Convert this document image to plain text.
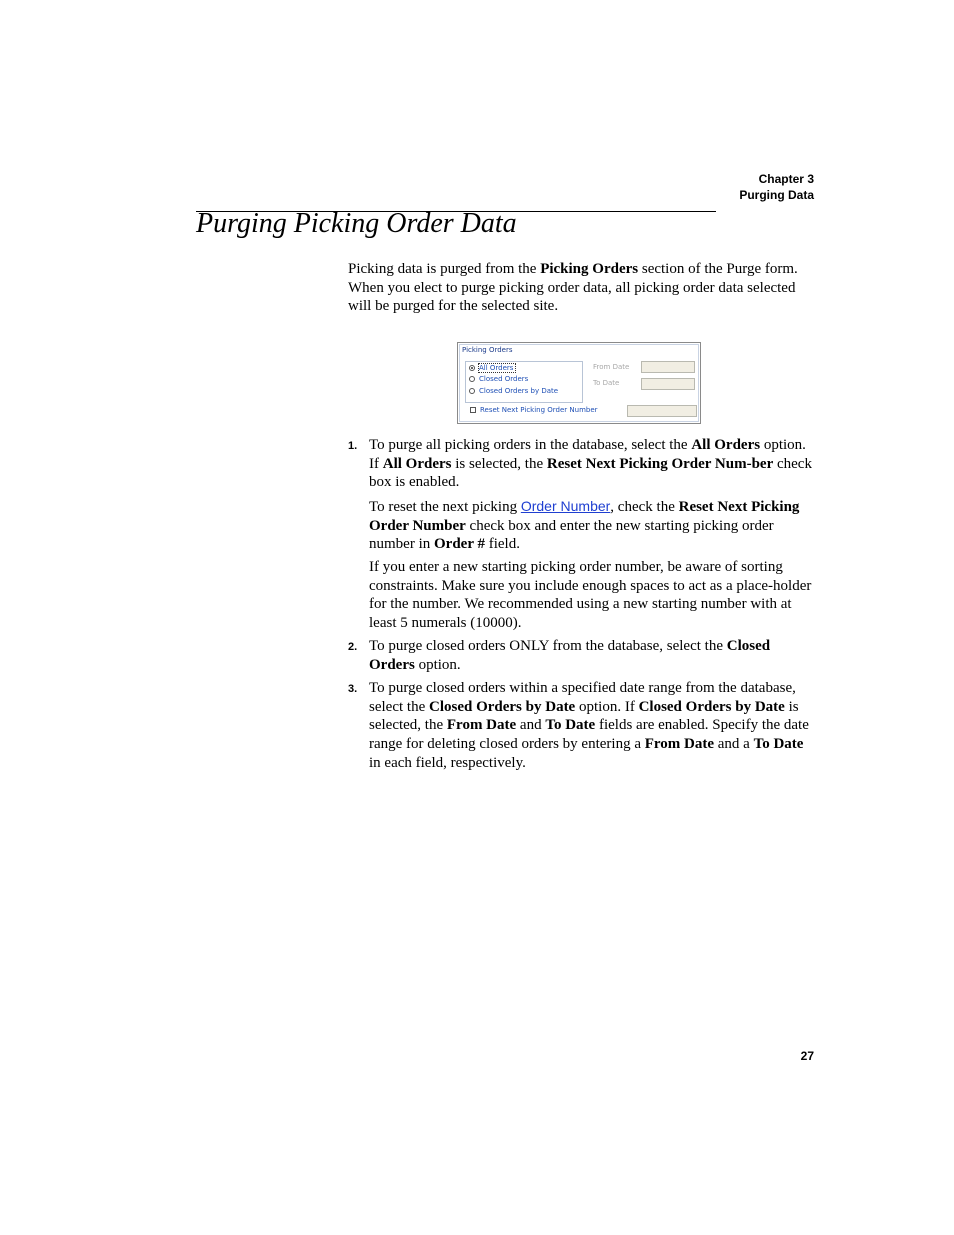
Chapter 3
Purging Data
Purging Picking Order Data

Picking data is purged from the Picking Orders section of the Purge form. When you elect to purge picking order data, all picking order data selected will be purged for the selected site.

Picking Orders
All Orders
Closed Orders
Closed Orders by Date
From Date
To Date
Reset Next Picking Order Number
1. To purge all picking orders in the database, select the All Orders option. If All Orders is selected, the Reset Next Picking Order Num-ber check box is enabled.

To reset the next picking Order Number, check the Reset Next Picking Order Number check box and enter the new starting picking order number in Order # field.

If you enter a new starting picking order number, be aware of sorting constraints. Make sure you include enough spaces to act as a place-holder for the number. We recommended using a new starting number with at least 5 numerals (10000).

2. To purge closed orders ONLY from the database, select the Closed Orders option.
3. To purge closed orders within a specified date range from the database, select the Closed Orders by Date option. If Closed Orders by Date is selected, the From Date and To Date fields are enabled. Specify the date range for deleting closed orders by entering a From Date and a To Date in each field, respectively.
27
